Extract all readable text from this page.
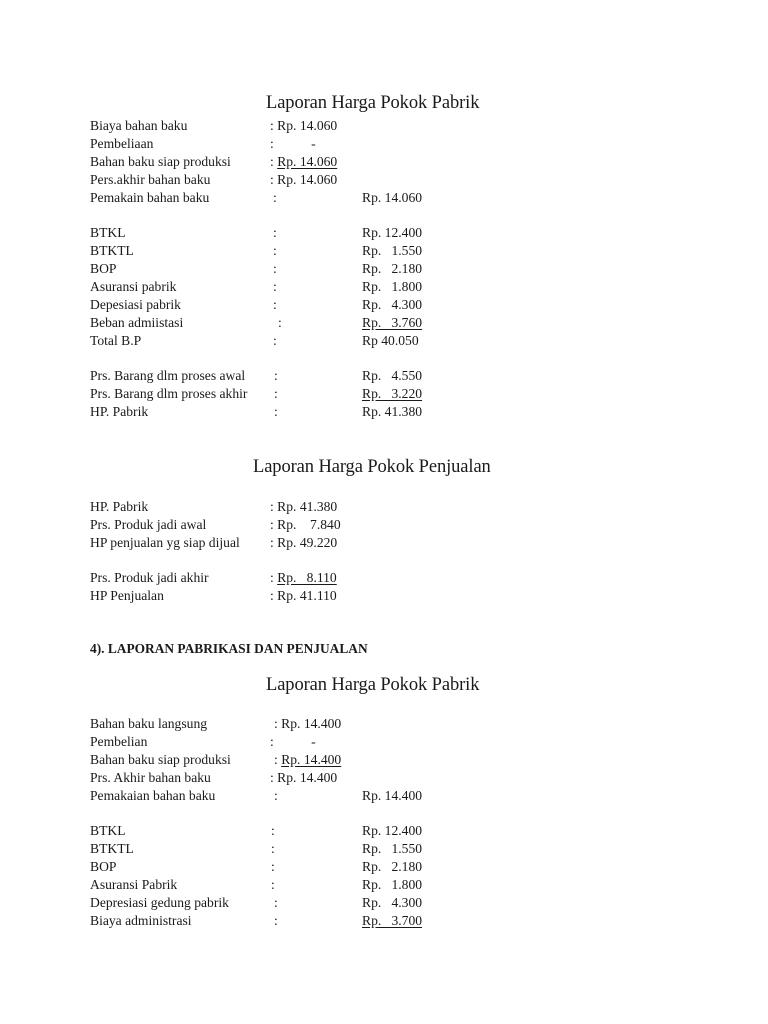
Laporan Harga Pokok Pabrik
Biaya bahan baku	: Rp. 14.060
Pembeliaan	:           -
Bahan baku siap produksi	: Rp. 14.060
Pers.akhir bahan baku	: Rp. 14.060
Pemakain bahan baku	:	Rp. 14.060
BTKL	:	Rp. 12.400
BTKTL	:	Rp.   1.550
BOP	:	Rp.   2.180
Asuransi pabrik	:	Rp.   1.800
Depesiasi pabrik	:	Rp.   4.300
Beban admiistasi	:	Rp.   3.760
Total B.P	:	Rp 40.050
Prs. Barang dlm proses awal :	Rp.   4.550
Prs. Barang dlm proses akhir :	Rp.   3.220
HP. Pabrik	:	Rp. 41.380
Laporan Harga Pokok Penjualan
HP. Pabrik	: Rp. 41.380
Prs. Produk jadi awal	: Rp.    7.840
HP penjualan yg siap dijual : Rp. 49.220
Prs. Produk jadi akhir	: Rp.   8.110
HP Penjualan	: Rp. 41.110
4). LAPORAN PABRIKASI DAN PENJUALAN
Laporan Harga Pokok Pabrik
Bahan baku langsung	: Rp. 14.400
Pembelian	:           -
Bahan baku siap produksi	: Rp. 14.400
Prs. Akhir bahan baku	: Rp. 14.400
Pemakaian bahan baku	:	Rp. 14.400
BTKL	:	Rp. 12.400
BTKTL	:	Rp.   1.550
BOP	:	Rp.   2.180
Asuransi Pabrik	:	Rp.   1.800
Depresiasi gedung pabrik	:	Rp.   4.300
Biaya administrasi	:	Rp.   3.700
